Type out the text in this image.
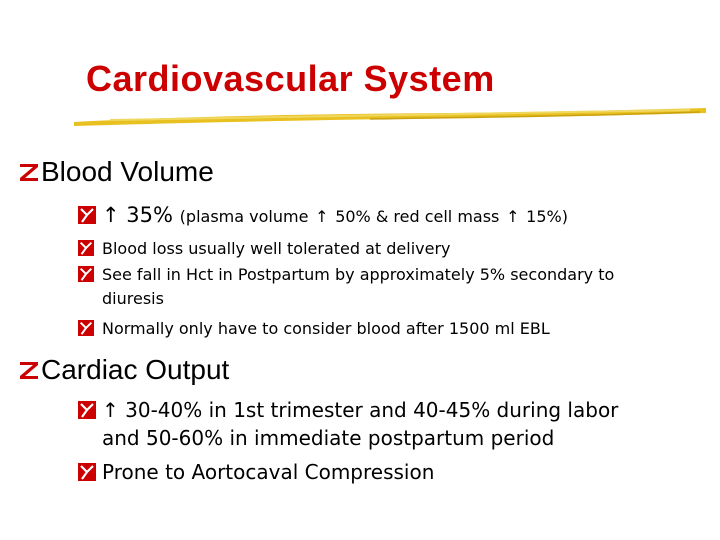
Cardiovascular System
Blood Volume
↑ 35% (plasma volume ↑ 50% & red cell mass ↑ 15%)
Blood loss usually well tolerated at delivery
See fall in Hct in Postpartum by approximately 5% secondary to
diuresis
Normally only have to consider blood after 1500 ml EBL
Cardiac Output
↑ 30-40% in 1st trimester and 40-45% during labor
and 50-60% in immediate postpartum period
Prone to Aortocaval Compression
